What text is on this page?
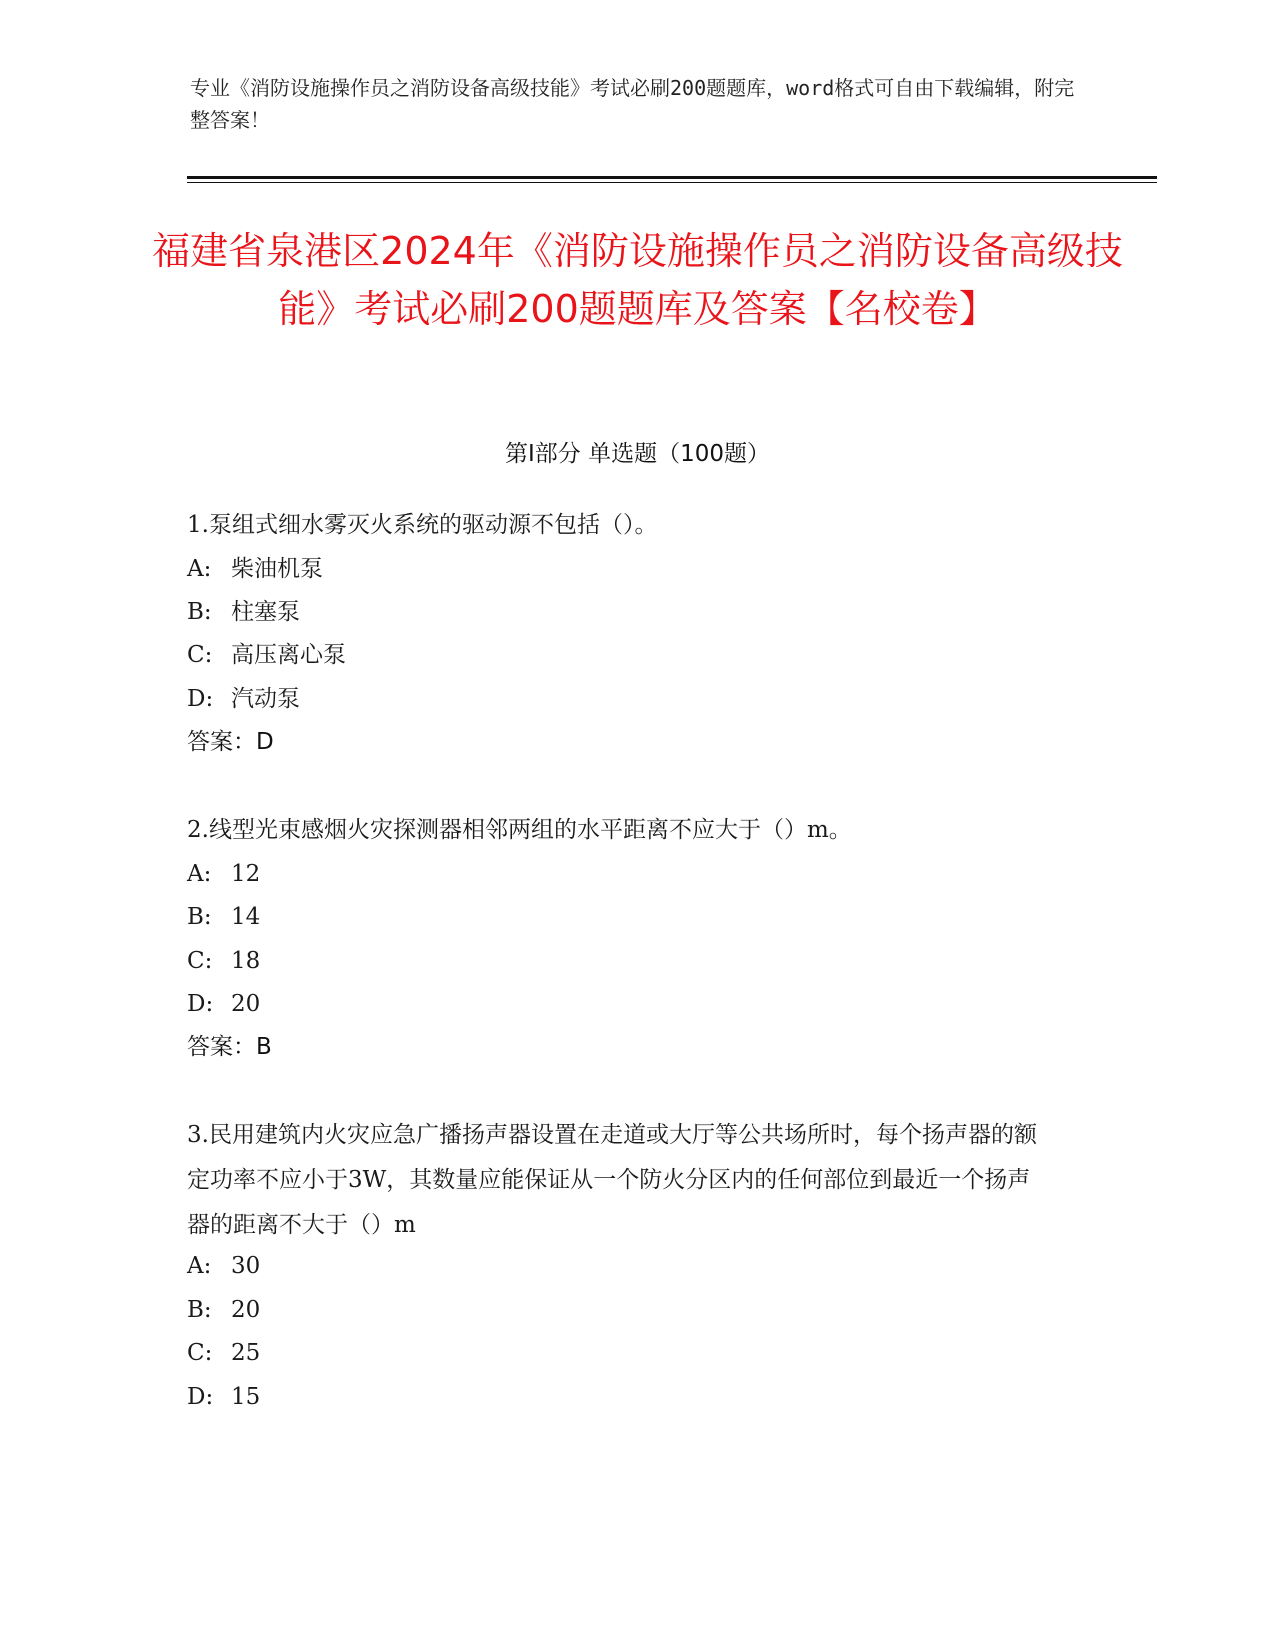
专业《消防设施操作员之消防设备高级技能》考试必刷200题题库，word格式可自由下载编辑，附完整答案！
福建省泉港区2024年《消防设施操作员之消防设备高级技能》考试必刷200题题库及答案【名校卷】
第I部分 单选题（100题）
1.泵组式细水雾灭火系统的驱动源不包括（）。
A: 柴油机泵
B: 柱塞泵
C: 高压离心泵
D: 汽动泵
答案：D
2.线型光束感烟火灾探测器相邻两组的水平距离不应大于（）m。
A: 12
B: 14
C: 18
D: 20
答案：B
3.民用建筑内火灾应急广播扬声器设置在走道或大厅等公共场所时，每个扬声器的额定功率不应小于3W，其数量应能保证从一个防火分区内的任何部位到最近一个扬声器的距离不大于（）m
A: 30
B: 20
C: 25
D: 15
